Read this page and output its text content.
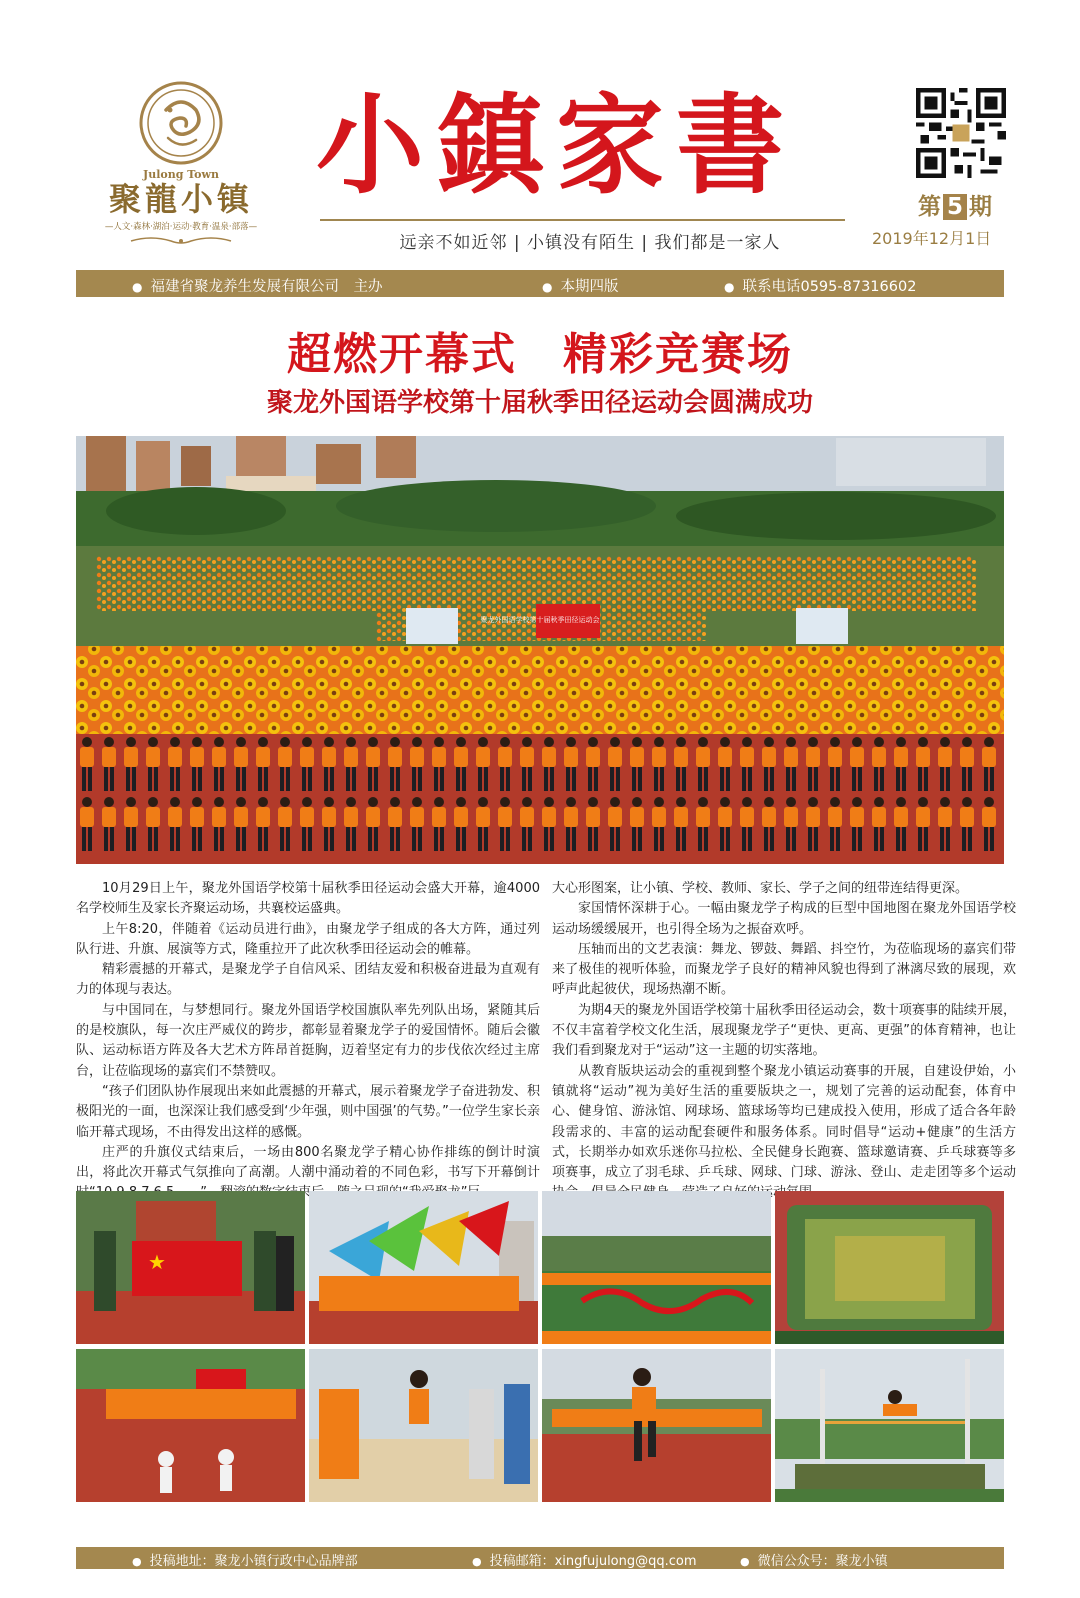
Julong Town
聚龍小镇
—人文·森林·湖泊·运动·教育·温泉·部落—
小鎮家書
远亲不如近邻 | 小镇没有陌生 | 我们都是一家人
第 5 期
2019年12月1日
● 福建省聚龙养生发展有限公司　主办	● 本期四版	● 联系电话0595-87316602
超燃开幕式　精彩竞赛场
聚龙外国语学校第十届秋季田径运动会圆满成功
聚龙外国语学校第十届秋季田径运动会

10月29日上午，聚龙外国语学校第十届秋季田径运动会盛大开幕，逾4000名学校师生及家长齐聚运动场，共襄校运盛典。

上午8:20，伴随着《运动员进行曲》，由聚龙学子组成的各大方阵，通过列队行进、升旗、展演等方式，隆重拉开了此次秋季田径运动会的帷幕。

精彩震撼的开幕式，是聚龙学子自信风采、团结友爱和积极奋进最为直观有力的体现与表达。

与中国同在，与梦想同行。聚龙外国语学校国旗队率先列队出场，紧随其后的是校旗队，每一次庄严威仪的跨步，都彰显着聚龙学子的爱国情怀。随后会徽队、运动标语方阵及各大艺术方阵昂首挺胸，迈着坚定有力的步伐依次经过主席台，让莅临现场的嘉宾们不禁赞叹。

“孩子们团队协作展现出来如此震撼的开幕式，展示着聚龙学子奋进勃发、积极阳光的一面，也深深让我们感受到‘少年强，则中国强’的气势。”一位学生家长亲临开幕式现场，不由得发出这样的感慨。

庄严的升旗仪式结束后，一场由800名聚龙学子精心协作排练的倒计时演出，将此次开幕式气氛推向了高潮。人潮中涌动着的不同色彩，书写下开幕倒计

大心形图案，让小镇、学校、教师、家长、学子之间的纽带连结得更深。

家国情怀深耕于心。一幅由聚龙学子构成的巨型中国地图在聚龙外国语学校运动场缓缓展开，也引得全场为之振奋欢呼。

压轴而出的文艺表演：舞龙、锣鼓、舞蹈、抖空竹，为莅临现场的嘉宾们带来了极佳的视听体验，而聚龙学子良好的精神风貌也得到了淋漓尽致的展现，欢呼声此起彼伏，现场热潮不断。

为期4天的聚龙外国语学校第十届秋季田径运动会，数十项赛事的陆续开展，不仅丰富着学校文化生活，展现聚龙学子“更快、更高、更强”的体育精神，也让我们看到聚龙对于“运动”这一主题的切实落地。

从教育版块运动会的重视到整个聚龙小镇运动赛事的开展，自建设伊始，小镇就将“运动”视为美好生活的重要版块之一，规划了完善的运动配套，体育中心、健身馆、游泳馆、网球场、篮球场等均已建成投入使用，形成了适合各年龄段需求的、丰富的运动配套硬件和服务体系。同时倡导“运动+健康”的生活方式，长期举办如欢乐迷你马拉松、全民健身长跑赛、篮球邀请赛、乒乓球赛等多项赛事，成立了羽毛球、乒乓球、网球、门球、游泳、登山、走走团等多个运动 良好的运动氛围。

★
● 投稿地址：聚龙小镇行政中心品牌部	● 投稿邮箱：xingfujulong@qq.com	● 微信公众号：聚龙小镇
